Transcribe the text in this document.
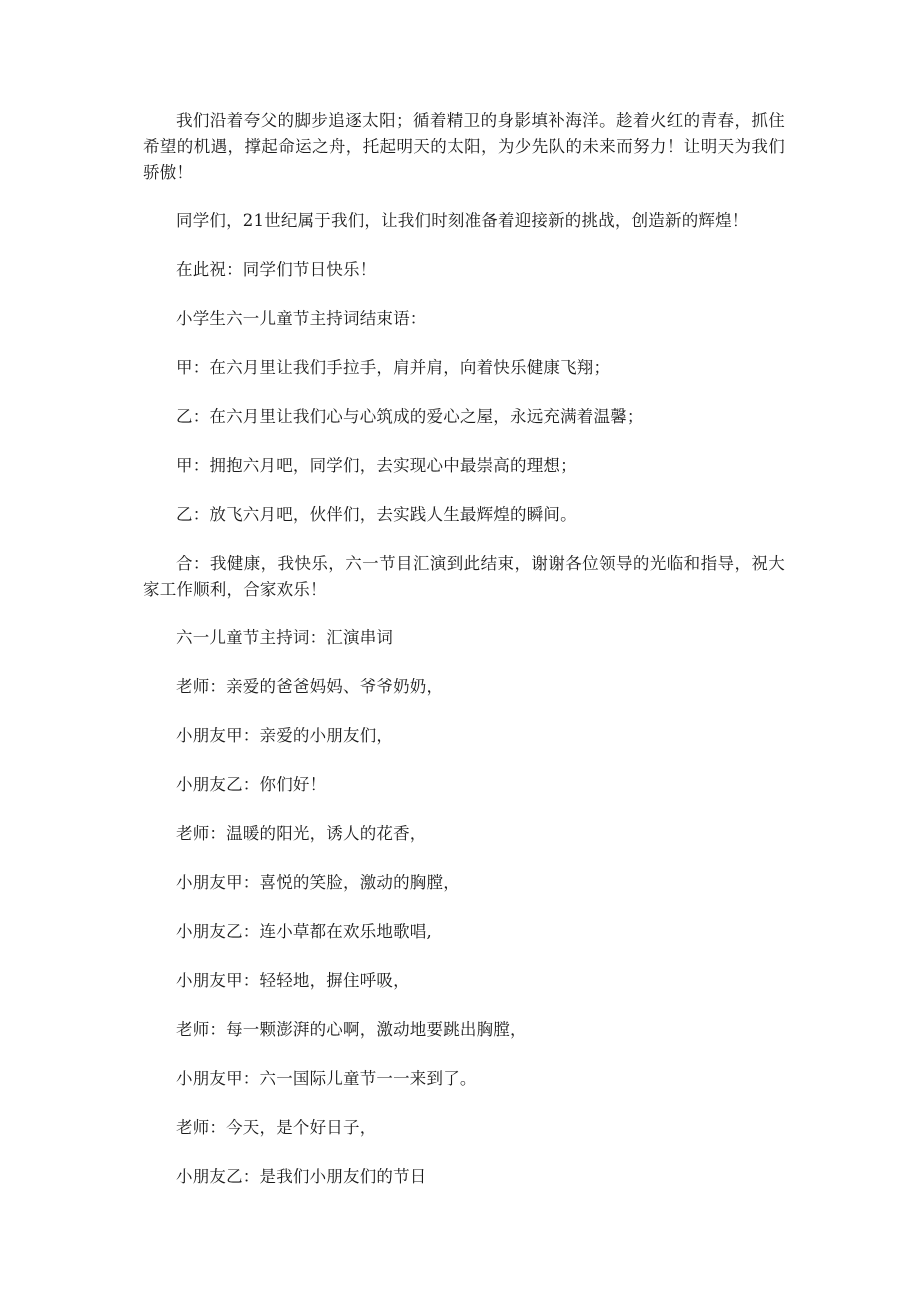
我们沿着夸父的脚步追逐太阳；循着精卫的身影填补海洋。趁着火红的青春，抓住希望的机遇，撑起命运之舟，托起明天的太阳，为少先队的未来而努力！让明天为我们骄傲！

同学们，21世纪属于我们，让我们时刻准备着迎接新的挑战，创造新的辉煌！

在此祝：同学们节日快乐！

小学生六一儿童节主持词结束语：

甲：在六月里让我们手拉手，肩并肩，向着快乐健康飞翔；

乙：在六月里让我们心与心筑成的爱心之屋，永远充满着温馨；

甲：拥抱六月吧，同学们，去实现心中最崇高的理想；

乙：放飞六月吧，伙伴们，去实践人生最辉煌的瞬间。

合：我健康，我快乐，六一节目汇演到此结束，谢谢各位领导的光临和指导，祝大家工作顺利，合家欢乐！

六一儿童节主持词：汇演串词

老师：亲爱的爸爸妈妈、爷爷奶奶，

小朋友甲：亲爱的小朋友们，

小朋友乙：你们好！

老师：温暖的阳光，诱人的花香，

小朋友甲：喜悦的笑脸，激动的胸膛，

小朋友乙：连小草都在欢乐地歌唱,

小朋友甲：轻轻地，摒住呼吸，

老师：每一颗澎湃的心啊，激动地要跳出胸膛，

小朋友甲：六一国际儿童节一一来到了。

老师：今天，是个好日子，

小朋友乙：是我们小朋友们的节日
